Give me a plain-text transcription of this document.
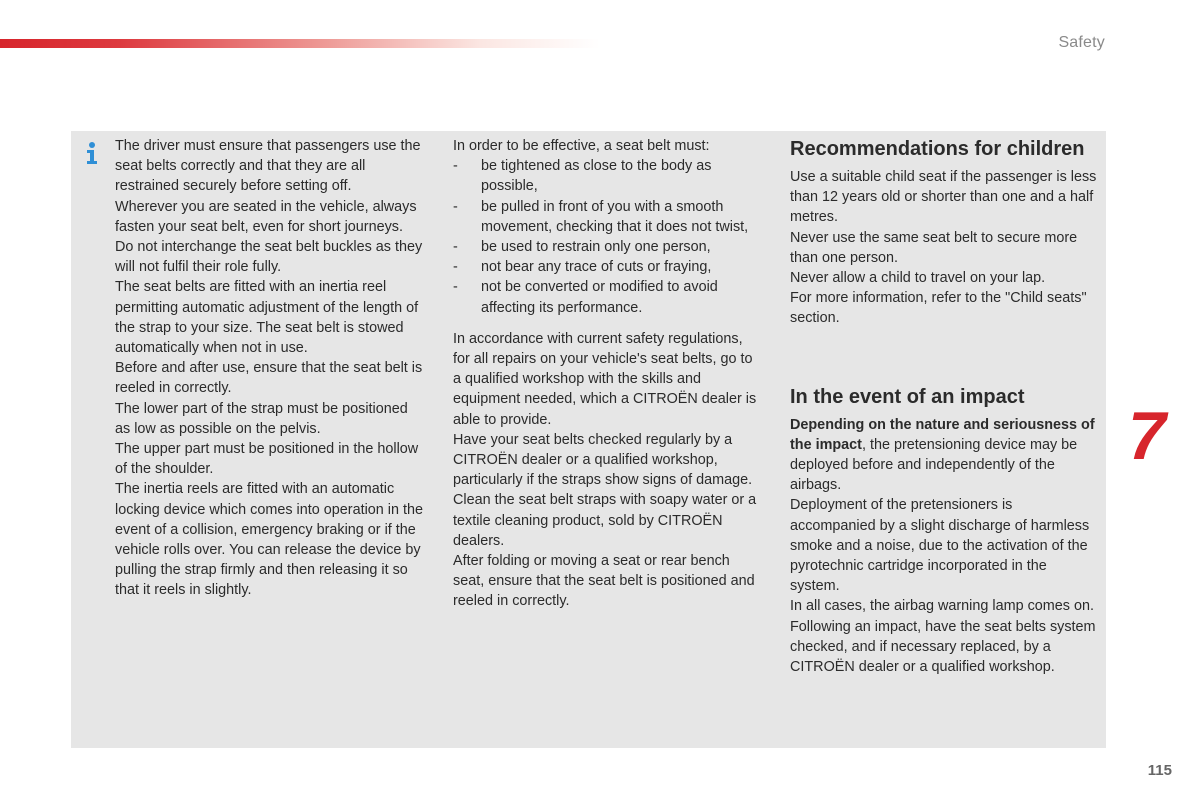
Safety

The driver must ensure that passengers use the seat belts correctly and that they are all restrained securely before setting off.

Wherever you are seated in the vehicle, always fasten your seat belt, even for short journeys.

Do not interchange the seat belt buckles as they will not fulfil their role fully.

The seat belts are fitted with an inertia reel permitting automatic adjustment of the length of the strap to your size. The seat belt is stowed automatically when not in use.

Before and after use, ensure that the seat belt is reeled in correctly.

The lower part of the strap must be positioned as low as possible on the pelvis.

The upper part must be positioned in the hollow of the shoulder.

The inertia reels are fitted with an automatic locking device which comes into operation in the event of a collision, emergency braking or if the vehicle rolls over. You can release the device by pulling the strap firmly and then releasing it so that it reels in slightly.

In order to be effective, a seat belt must:

- be tightened as close to the body as possible,
- be pulled in front of you with a smooth movement, checking that it does not twist,
- be used to restrain only one person,
- not bear any trace of cuts or fraying,
- not be converted or modified to avoid affecting its performance.

In accordance with current safety regulations, for all repairs on your vehicle's seat belts, go to a qualified workshop with the skills and equipment needed, which a CITROËN dealer is able to provide.

Have your seat belts checked regularly by a CITROËN dealer or a qualified workshop, particularly if the straps show signs of damage.

Clean the seat belt straps with soapy water or a textile cleaning product, sold by CITROËN dealers.

After folding or moving a seat or rear bench seat, ensure that the seat belt is positioned and reeled in correctly.

Recommendations for children

Use a suitable child seat if the passenger is less than 12 years old or shorter than one and a half metres.

Never use the same seat belt to secure more than one person.

Never allow a child to travel on your lap.

For more information, refer to the "Child seats" section.

In the event of an impact

Depending on the nature and seriousness of the impact, the pretensioning device may be deployed before and independently of the airbags.

Deployment of the pretensioners is accompanied by a slight discharge of harmless smoke and a noise, due to the activation of the pyrotechnic cartridge incorporated in the system.

In all cases, the airbag warning lamp comes on.

Following an impact, have the seat belts system checked, and if necessary replaced, by a CITROËN dealer or a qualified workshop.

7
115
